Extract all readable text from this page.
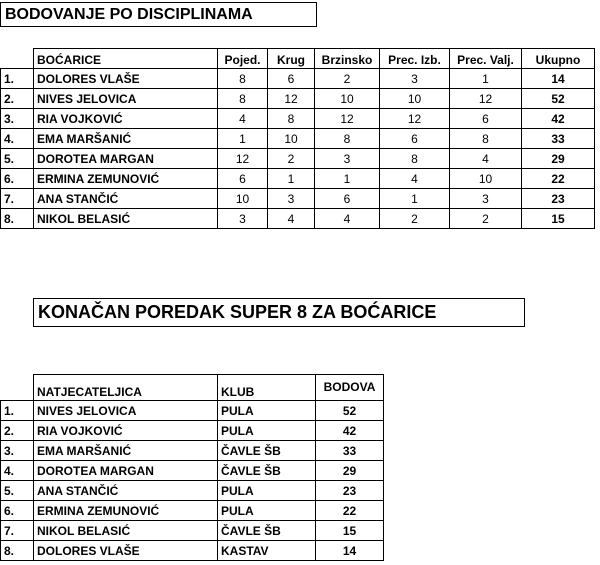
BODOVANJE PO DISCIPLINAMA
	BOĆARICE	Pojed.	Krug	Brzinsko	Prec. Izb.	Prec. Valj.	Ukupno
1.	DOLORES VLAŠE	8	6	2	3	1	14
2.	NIVES JELOVICA	8	12	10	10	12	52
3.	RIA VOJKOVIĆ	4	8	12	12	6	42
4.	EMA MARŠANIĆ	1	10	8	6	8	33
5.	DOROTEA MARGAN	12	2	3	8	4	29
6.	ERMINA ZEMUNOVIĆ	6	1	1	4	10	22
7.	ANA STANČIĆ	10	3	6	1	3	23
8.	NIKOL BELASIĆ	3	4	4	2	2	15
KONAČAN POREDAK SUPER 8 ZA BOĆARICE
	NATJECATELJICA	KLUB	BODOVA
1.	NIVES JELOVICA	PULA	52
2.	RIA VOJKOVIĆ	PULA	42
3.	EMA MARŠANIĆ	ČAVLE ŠB	33
4.	DOROTEA MARGAN	ČAVLE ŠB	29
5.	ANA STANČIĆ	PULA	23
6.	ERMINA ZEMUNOVIĆ	PULA	22
7.	NIKOL BELASIĆ	ČAVLE ŠB	15
8.	DOLORES VLAŠE	KASTAV	14
